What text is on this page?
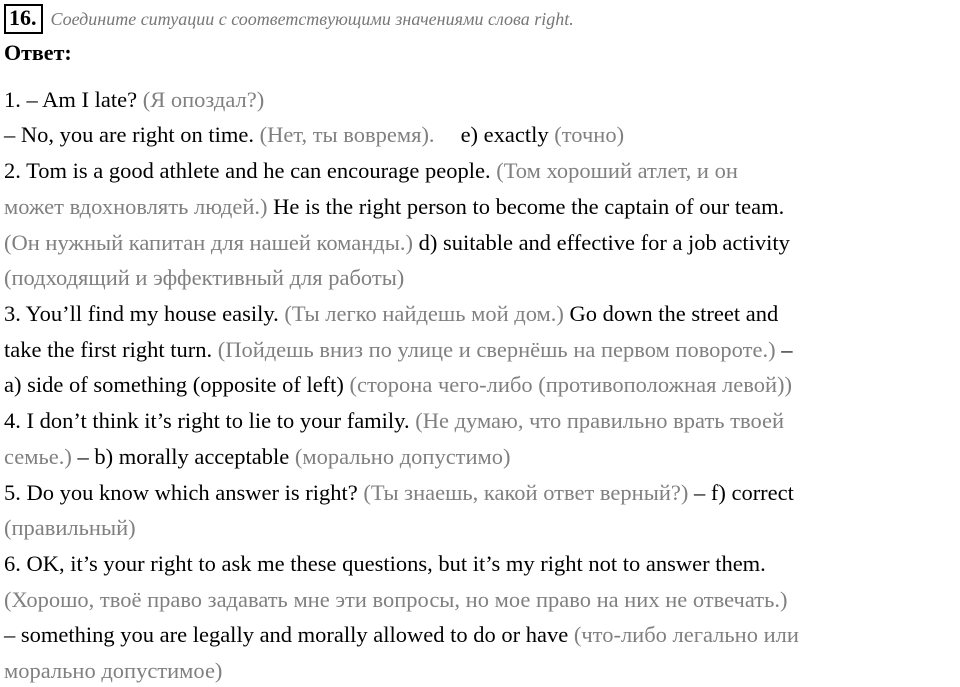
16. Соедините ситуации с соответствующими значениями слова right.
Ответ:
1. – Am I late? (Я опоздал?)
– No, you are right on time. (Нет, ты вовремя). e) exactly (точно)
2. Tom is a good athlete and he can encourage people. (Том хороший атлет, и он
может вдохновлять людей.) He is the right person to become the captain of our team.
(Он нужный капитан для нашей команды.) d) suitable and effective for a job activity
(подходящий и эффективный для работы)
3. You’ll find my house easily. (Ты легко найдешь мой дом.) Go down the street and
take the first right turn. (Пойдешь вниз по улице и свернёшь на первом повороте.) –
a) side of something (opposite of left) (сторона чего-либо (противоположная левой))
4. I don’t think it’s right to lie to your family. (Не думаю, что правильно врать твоей
семье.) – b) morally acceptable (морально допустимо)
5. Do you know which answer is right? (Ты знаешь, какой ответ верный?) – f) correct
(правильный)
6. OK, it’s your right to ask me these questions, but it’s my right not to answer them.
(Хорошо, твоё право задавать мне эти вопросы, но мое право на них не отвечать.)
– something you are legally and morally allowed to do or have (что-либо легально или
морально допустимое)
